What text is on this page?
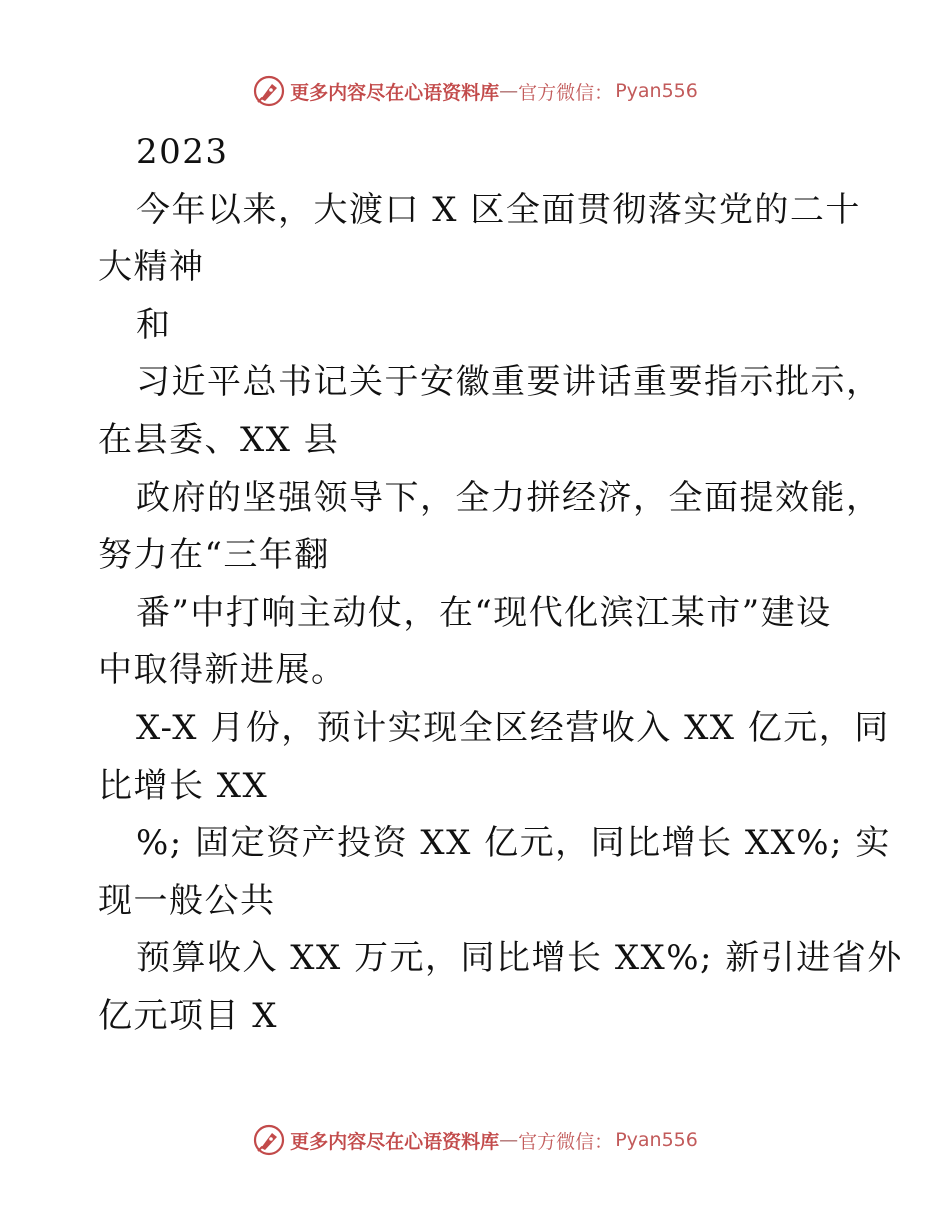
更多内容尽在心语资料库 — 官方微信： Pyan556
2023
今年以来，大渡口 X 区全面贯彻落实党的二十
大精神
和
习近平总书记关于安徽重要讲话重要指示批示，
在县委、XX 县
政府的坚强领导下，全力拼经济，全面提效能，
努力在“三年翻
番”中打响主动仗，在“现代化滨江某市”建设
中取得新进展。
X-X 月份，预计实现全区经营收入 XX 亿元，同
比增长 XX
%; 固定资产投资 XX 亿元，同比增长 XX%; 实
现一般公共
预算收入 XX 万元，同比增长 XX%; 新引进省外
亿元项目 X
更多内容尽在心语资料库 — 官方微信： Pyan556
